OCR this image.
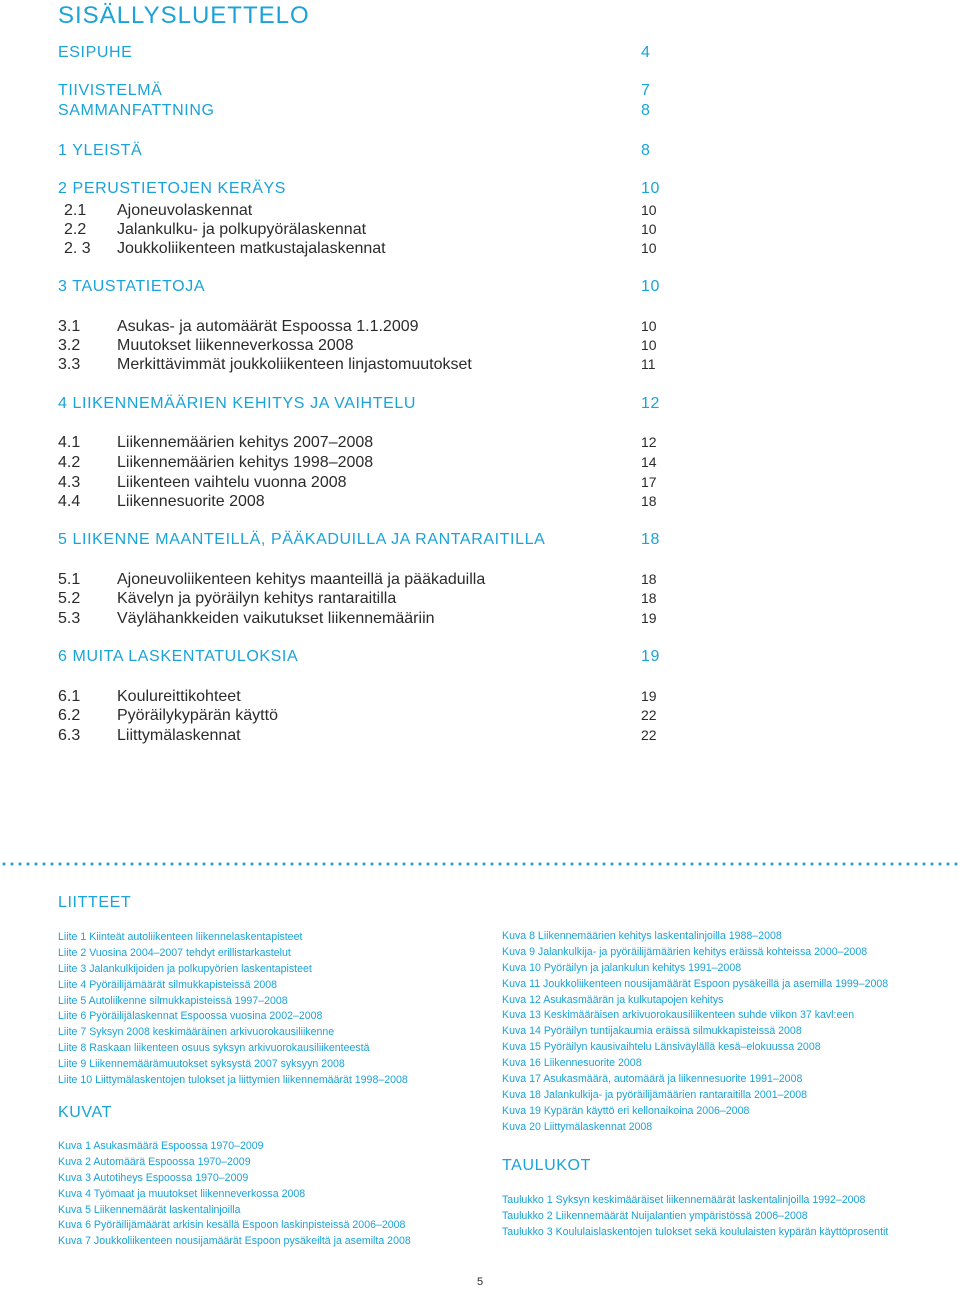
SISÄLLYSLUETTELO
ESIPUHE	4
TIIVISTELMÄ	7
SAMMANFATTNING	8
1 YLEISTÄ	8
2 PERUSTIETOJEN KERÄYS	10
2.1 Ajoneuvolaskennat	10
2.2 Jalankulku- ja polkupyörälaskennat	10
2. 3 Joukkoliikenteen matkustajalaskennat	10
3 TAUSTATIETOJA	10
3.1 Asukas- ja automäärät Espoossa 1.1.2009	10
3.2 Muutokset liikenneverkossa 2008	10
3.3 Merkittävimmät joukkoliikenteen linjastomuutokset	11
4 LIIKENNEMÄÄRIEN KEHITYS JA VAIHTELU	12
4.1 Liikennemäärien kehitys 2007–2008	12
4.2 Liikennemäärien kehitys 1998–2008	14
4.3 Liikenteen vaihtelu vuonna 2008	17
4.4 Liikennesuorite 2008	18
5 LIIKENNE MAANTEILLÄ, PÄÄKADUILLA JA RANTARAITILLA	18
5.1 Ajoneuvoliikenteen kehitys maanteillä ja pääkaduilla	18
5.2 Kävelyn ja pyöräilyn kehitys rantaraitilla	18
5.3 Väylähankkeiden vaikutukset liikennemääriin	19
6 MUITA LASKENTATULOKSIA	19
6.1 Koulureittikohteet	19
6.2 Pyöräilykypärän käyttö	22
6.3 Liittymälaskennat	22
LIITTEET
Liite 1 Kiinteät autoliikenteen liikennelaskentapisteet
Liite 2 Vuosina 2004–2007 tehdyt erillistarkastelut
Liite 3 Jalankulkijoiden ja polkupyörien laskentapisteet
Liite 4 Pyöräilijämäärät silmukkapisteissä 2008
Liite 5 Autoliikenne silmukkapisteissä 1997–2008
Liite 6 Pyöräilijälaskennat Espoossa vuosina 2002–2008
Liite 7 Syksyn 2008 keskimääräinen arkivuorokausiliikenne
Liite 8 Raskaan liikenteen osuus syksyn arkivuorokausiliikenteestä
Liite 9 Liikennemäärämuutokset syksystä 2007 syksyyn 2008
Liite 10 Liittymälaskentojen tulokset ja liittymien liikennemäärät 1998–2008
KUVAT
Kuva 1 Asukasmäärä Espoossa 1970–2009
Kuva 2 Automäärä Espoossa 1970–2009
Kuva 3 Autotiheys Espoossa 1970–2009
Kuva 4 Työmaat ja muutokset liikenneverkossa 2008
Kuva 5 Liikennemäärät laskentalinjoilla
Kuva 6 Pyöräilijämäärät arkisin kesällä Espoon laskinpisteissä 2006–2008
Kuva 7 Joukkoliikenteen nousijamäärät Espoon pysäkeiltä ja asemilta 2008
Kuva 8 Liikennemäärien kehitys laskentalinjoilla 1988–2008
Kuva 9 Jalankulkija- ja pyöräilijämäärien kehitys eräissä kohteissa 2000–2008
Kuva 10 Pyöräilyn ja jalankulun kehitys 1991–2008
Kuva 11 Joukkoliikenteen nousijamäärät Espoon pysäkeillä ja asemilla 1999–2008
Kuva 12 Asukasmäärän ja kulkutapojen kehitys
Kuva 13 Keskimääräisen arkivuorokausiliikenteen suhde viikon 37 kavl:een
Kuva 14 Pyöräilyn tuntijakaumia eräissä silmukkapisteissä 2008
Kuva 15 Pyöräilyn kausivaihtelu Länsiväylällä kesä–elokuussa 2008
Kuva 16 Liikennesuorite 2008
Kuva 17 Asukasmäärä, automäärä ja liikennesuorite 1991–2008
Kuva 18 Jalankulkija- ja pyöräilijämäärien rantaraitilla 2001–2008
Kuva 19 Kypärän käyttö eri kellonaikoina 2006–2008
Kuva 20 Liittymälaskennat 2008
TAULUKOT
Taulukko 1 Syksyn keskimääräiset liikennemäärät laskentalinjoilla 1992–2008
Taulukko 2 Liikennemäärät Nuijalantien ympäristössä 2006–2008
Taulukko 3 Koululaislaskentojen tulokset sekä koululaisten kypärän käyttöprosentit
5
